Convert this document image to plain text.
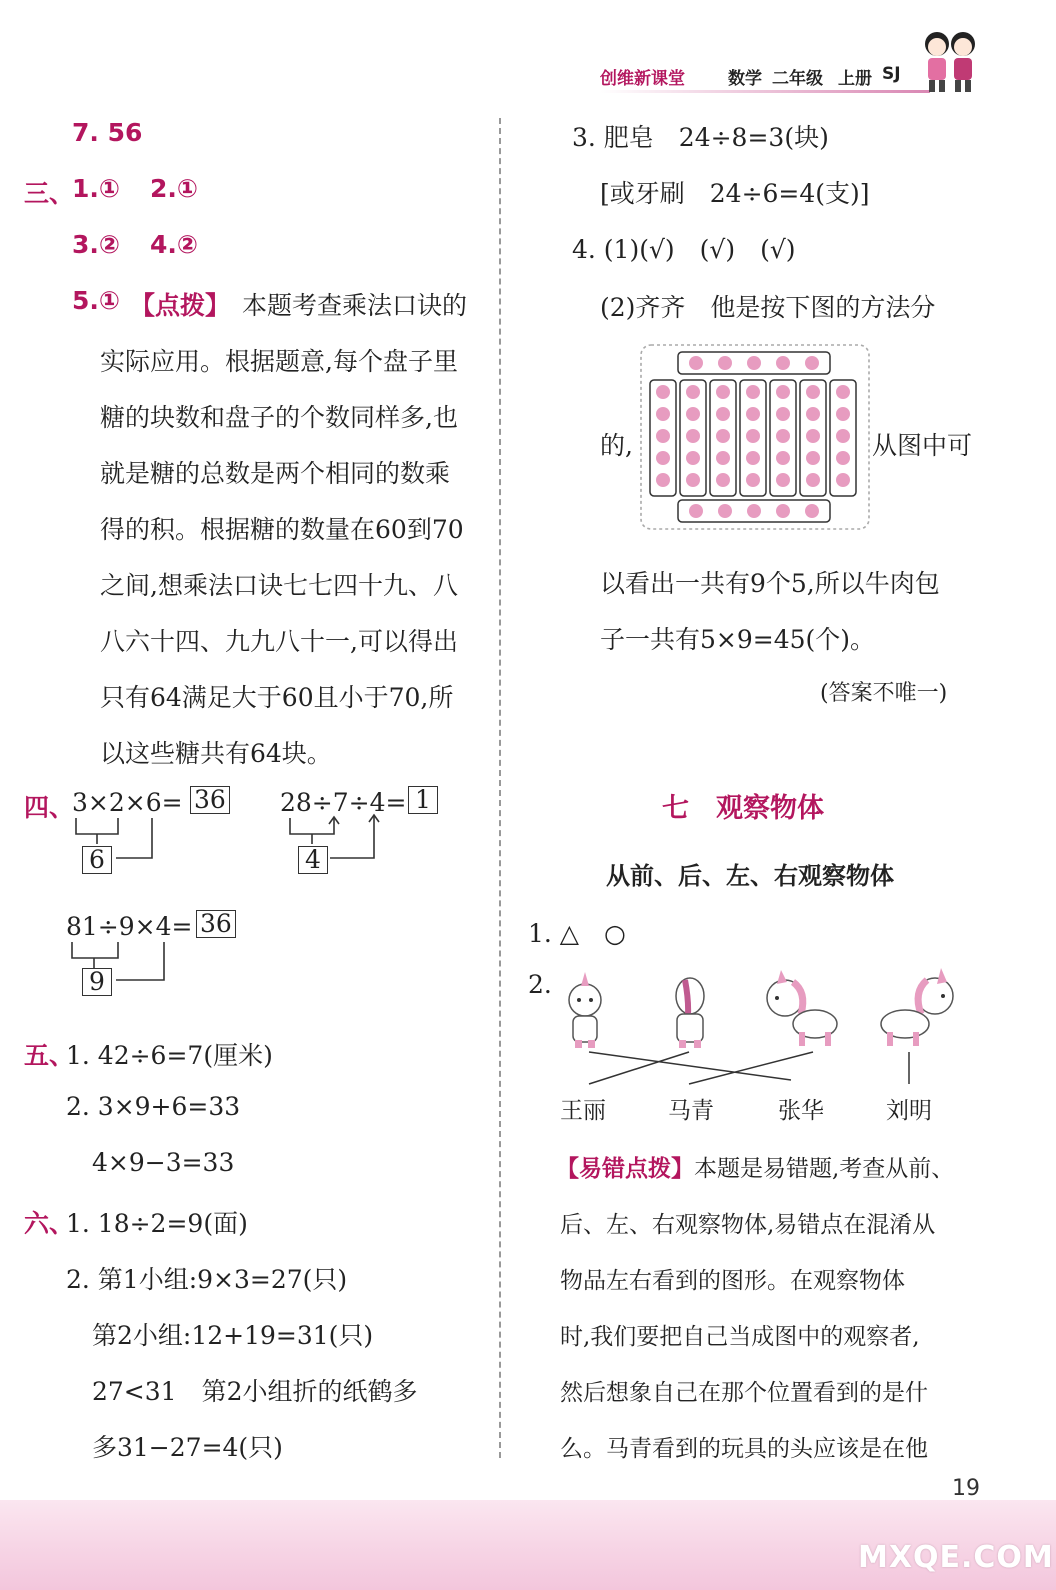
创维新课堂	数学 二年级 上册 SJ
7. 56
三、
1.① 2.①
3.② 4.②
5.① 【点拨】 本题考查乘法口诀的
实际应用。根据题意,每个盘子里
糖的块数和盘子的个数同样多,也
就是糖的总数是两个相同的数乘
得的积。根据糖的数量在60到70
之间,想乘法口诀七七四十九、八
八六十四、九九八十一,可以得出
只有64满足大于60且小于70,所
以这些糖共有64块。
四、
3×2×6= 36
6
28÷7÷4= 1
4
81÷9×4= 36
9
五、
1. 42÷6=7(厘米)
2. 3×9+6=33
4×9−3=33
六、
1. 18÷2=9(面)
2. 第1小组:9×3=27(只)
第2小组:12+19=31(只)
27<31　第2小组折的纸鹤多
多31−27=4(只)
3. 肥皂　24÷8=3(块)
[或牙刷　24÷6=4(支)]
4. (1)(√)　(√)　(√)
(2)齐齐　他是按下图的方法分
的,	从图中可
以看出一共有9个5,所以牛肉包
子一共有5×9=45(个)。
(答案不唯一)
七　观察物体
从前、后、左、右观察物体
1. △　○
2.
王丽	马青	张华	刘明
【易错点拨】 本题是易错题,考查从前、
后、左、右观察物体,易错点在混淆从
物品左右看到的图形。在观察物体
时,我们要把自己当成图中的观察者,
然后想象自己在那个位置看到的是什
么。马青看到的玩具的头应该是在他
19
MXQE.COM
